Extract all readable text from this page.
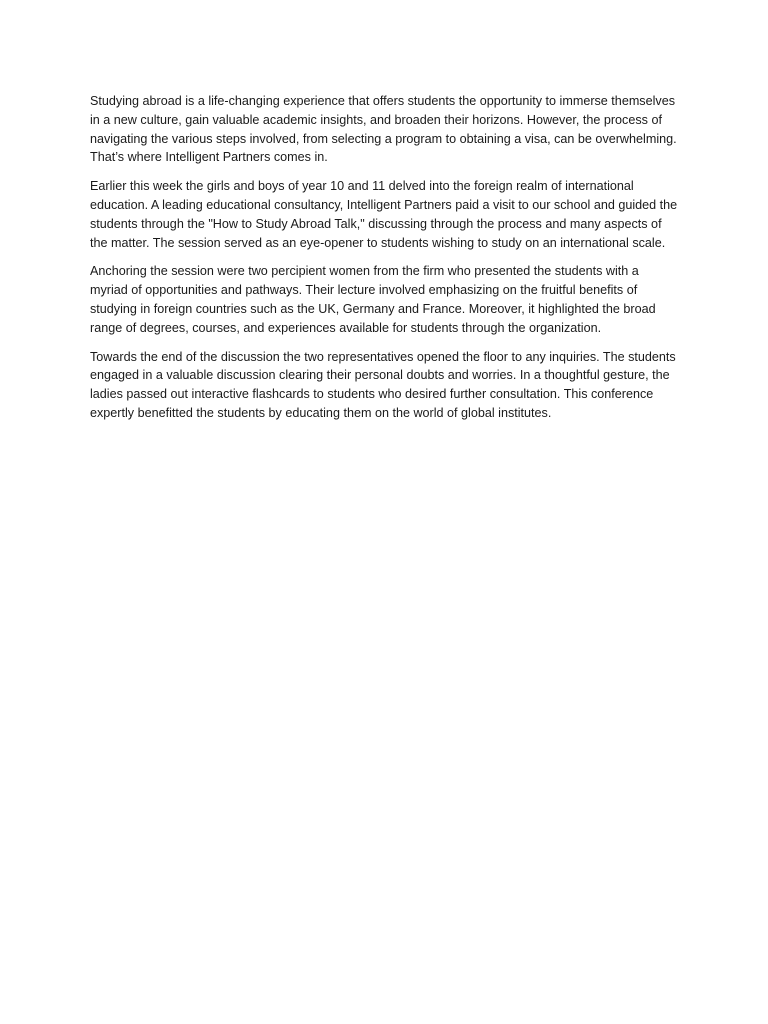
Studying abroad is a life-changing experience that offers students the opportunity to immerse themselves in a new culture, gain valuable academic insights, and broaden their horizons. However, the process of navigating the various steps involved, from selecting a program to obtaining a visa, can be overwhelming. That’s where Intelligent Partners comes in.

Earlier this week the girls and boys of year 10 and 11 delved into the foreign realm of international education. A leading educational consultancy, Intelligent Partners paid a visit to our school and guided the students through the "How to Study Abroad Talk," discussing through the process and many aspects of the matter. The session served as an eye-opener to students wishing to study on an international scale.

Anchoring the session were two percipient women from the firm who presented the students with a myriad of opportunities and pathways. Their lecture involved emphasizing on the fruitful benefits of studying in foreign countries such as the UK, Germany and France. Moreover, it highlighted the broad range of degrees, courses, and experiences available for students through the organization.

Towards the end of the discussion the two representatives opened the floor to any inquiries. The students engaged in a valuable discussion clearing their personal doubts and worries. In a thoughtful gesture, the ladies passed out interactive flashcards to students who desired further consultation. This conference expertly benefitted the students by educating them on the world of global institutes.
